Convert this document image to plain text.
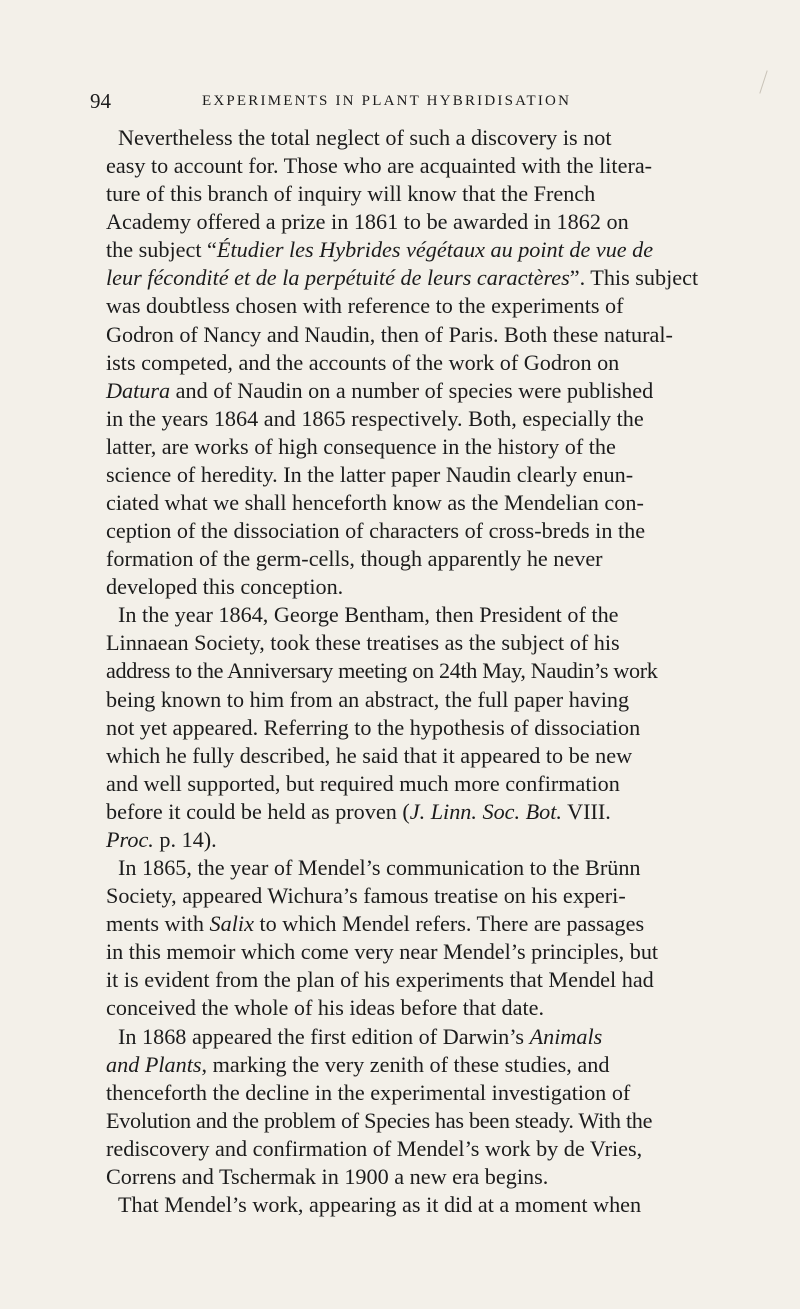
94	EXPERIMENTS IN PLANT HYBRIDISATION
Nevertheless the total neglect of such a discovery is not
easy to account for. Those who are acquainted with the litera-
ture of this branch of inquiry will know that the French
Academy offered a prize in 1861 to be awarded in 1862 on
the subject “Étudier les Hybrides végétaux au point de vue de
leur fécondité et de la perpétuité de leurs caractères”. This subject
was doubtless chosen with reference to the experiments of
Godron of Nancy and Naudin, then of Paris. Both these natural-
ists competed, and the accounts of the work of Godron on
Datura and of Naudin on a number of species were published
in the years 1864 and 1865 respectively. Both, especially the
latter, are works of high consequence in the history of the
science of heredity. In the latter paper Naudin clearly enun-
ciated what we shall henceforth know as the Mendelian con-
ception of the dissociation of characters of cross-breds in the
formation of the germ-cells, though apparently he never
developed this conception.
In the year 1864, George Bentham, then President of the
Linnaean Society, took these treatises as the subject of his
address to the Anniversary meeting on 24th May, Naudin’s work
being known to him from an abstract, the full paper having
not yet appeared. Referring to the hypothesis of dissociation
which he fully described, he said that it appeared to be new
and well supported, but required much more confirmation
before it could be held as proven (J. Linn. Soc. Bot. VIII.
Proc. p. 14).
In 1865, the year of Mendel’s communication to the Brünn
Society, appeared Wichura’s famous treatise on his experi-
ments with Salix to which Mendel refers. There are passages
in this memoir which come very near Mendel’s principles, but
it is evident from the plan of his experiments that Mendel had
conceived the whole of his ideas before that date.
In 1868 appeared the first edition of Darwin’s Animals
and Plants, marking the very zenith of these studies, and
thenceforth the decline in the experimental investigation of
Evolution and the problem of Species has been steady. With the
rediscovery and confirmation of Mendel’s work by de Vries,
Correns and Tschermak in 1900 a new era begins.
That Mendel’s work, appearing as it did at a moment when
